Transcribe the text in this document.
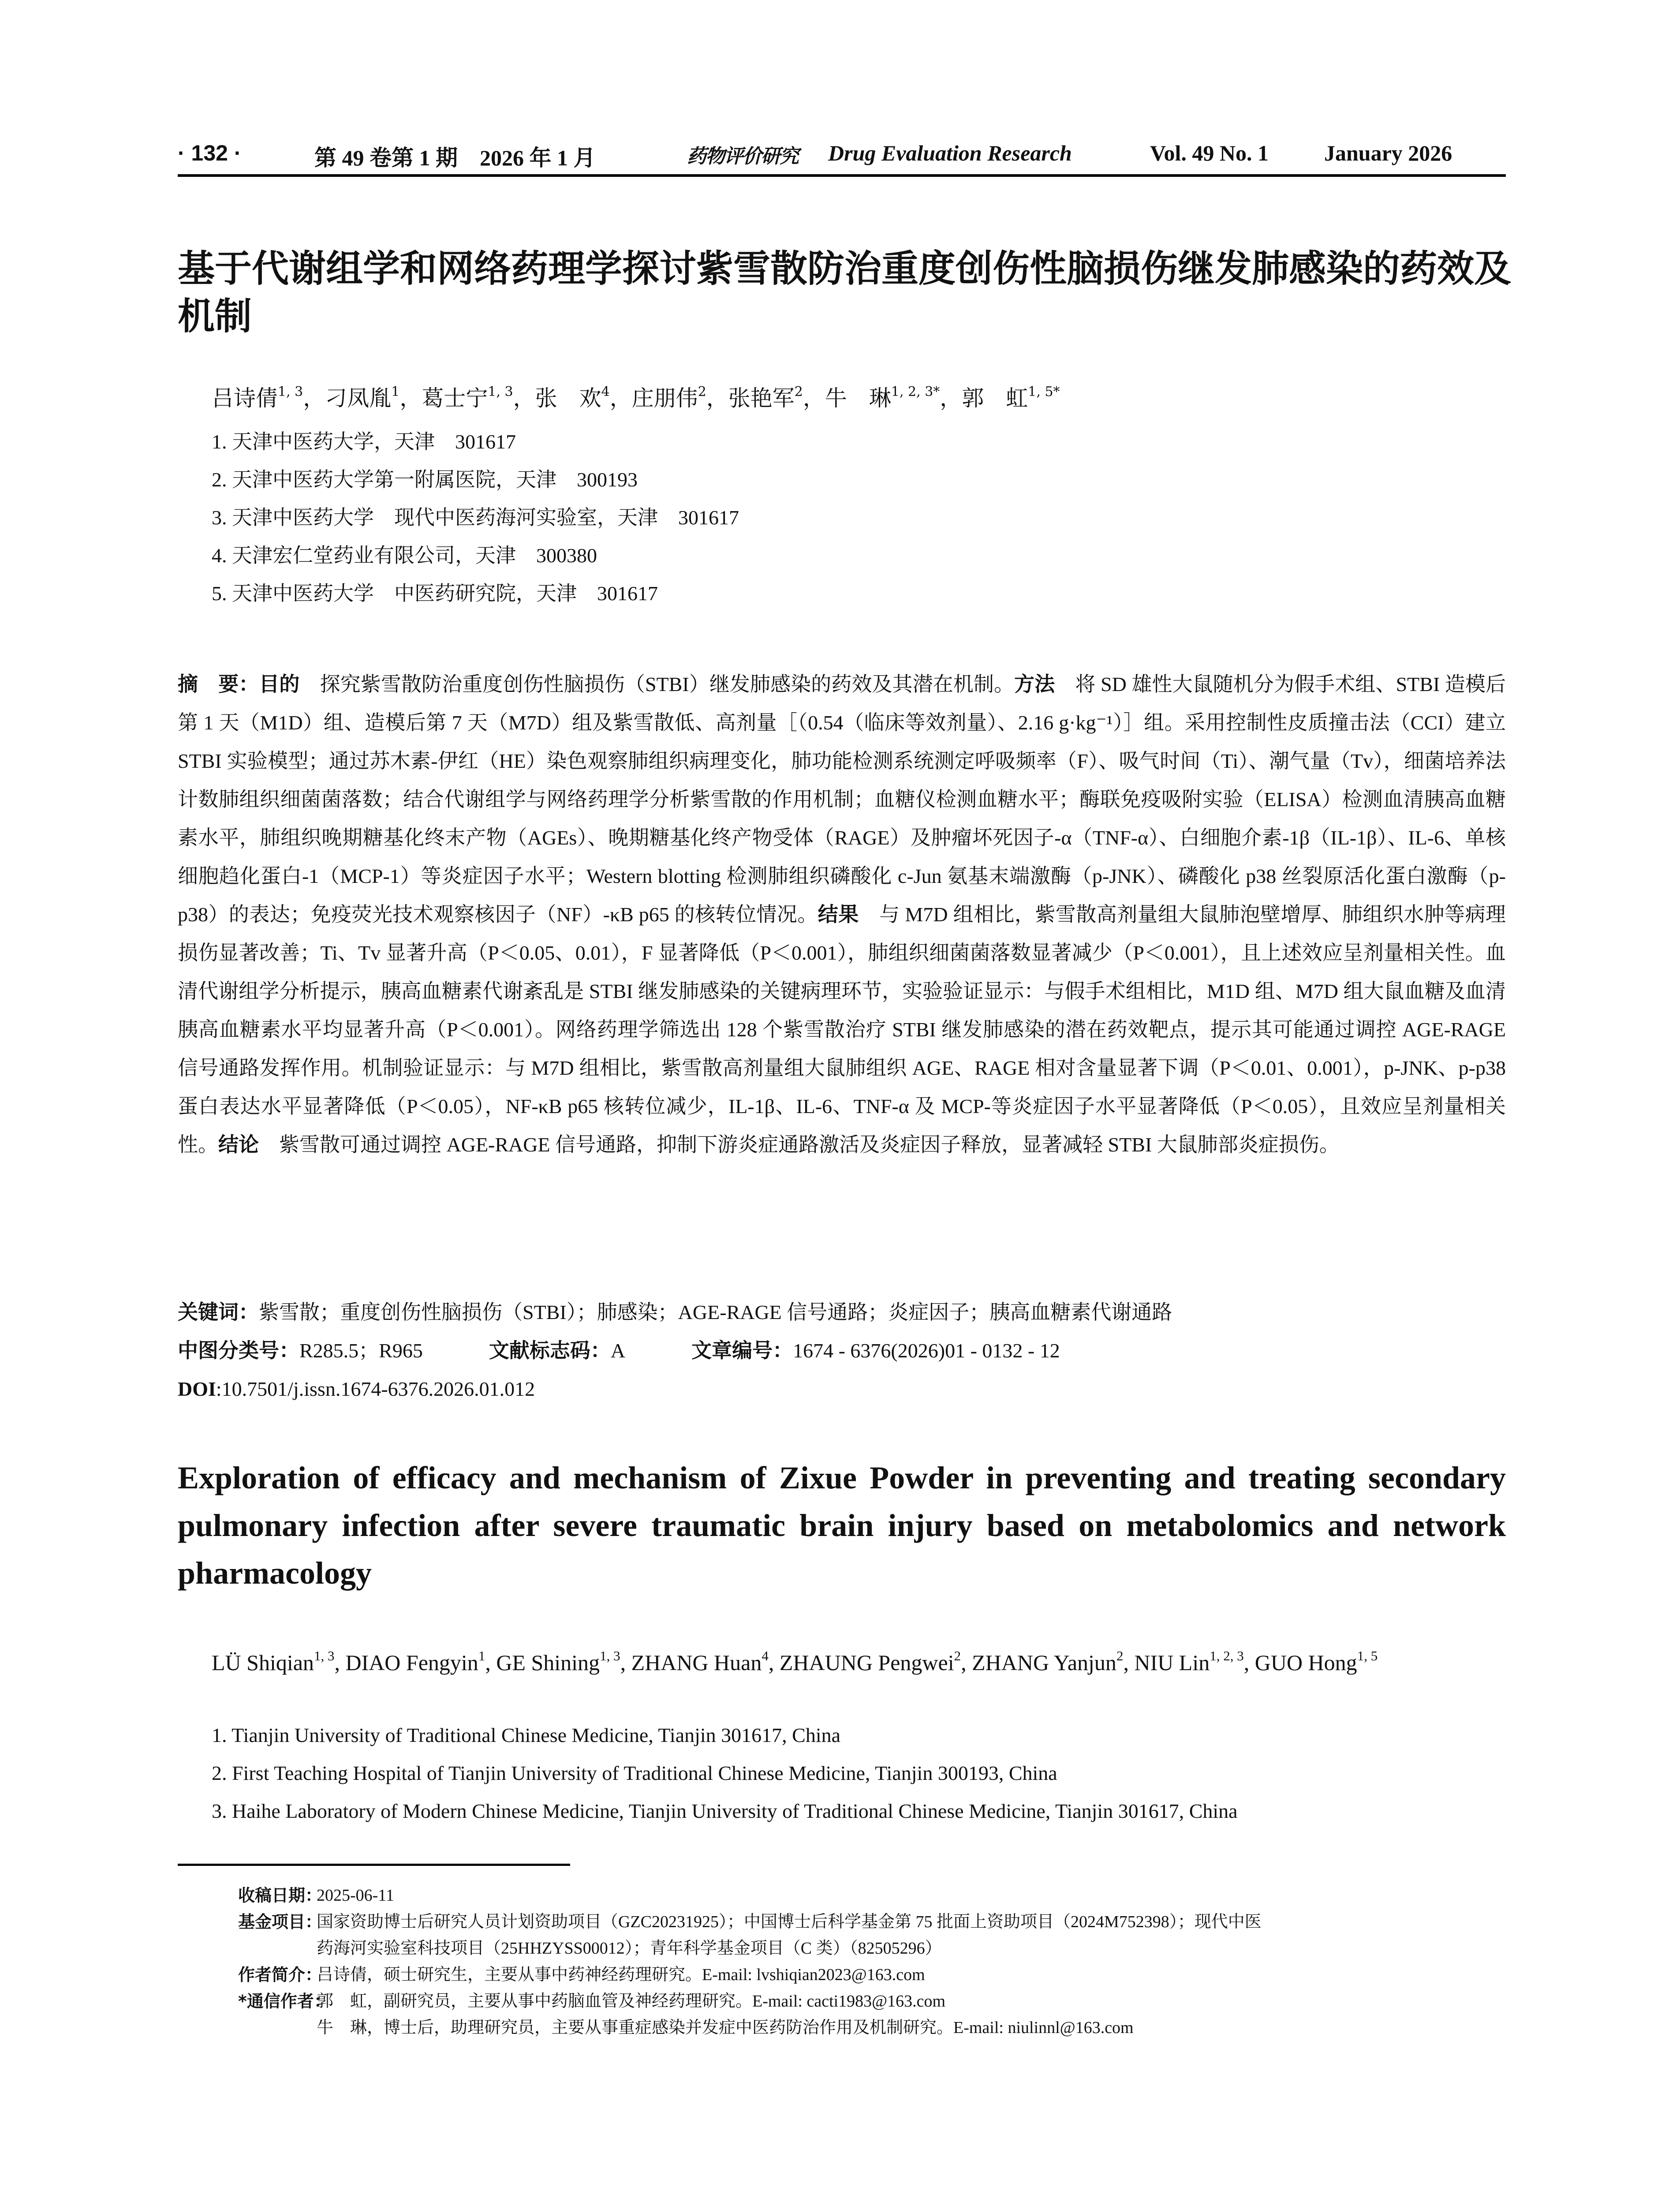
· 132 ·	第 49 卷第 1 期　2026 年 1 月	药物评价研究 Drug Evaluation Research	Vol. 49 No. 1	January 2026
基于代谢组学和网络药理学探讨紫雪散防治重度创伤性脑损伤继发肺感染的药效及机制
吕诗倩$^{1, 3}$，刁凤胤$^1$，葛士宁$^{1, 3}$，张　欢$^4$，庄朋伟$^2$，张艳军$^2$，牛　琳$^{1, 2, 3*}$，郭　虹$^{1, 5*}$
1. 天津中医药大学，天津　301617
2. 天津中医药大学第一附属医院，天津　300193
3. 天津中医药大学　现代中医药海河实验室，天津　301617
4. 天津宏仁堂药业有限公司，天津　300380
5. 天津中医药大学　中医药研究院，天津　301617
摘　要：目的　 探究紫雪散防治重度创伤性脑损伤（STBI）继发肺感染的药效及其潜在机制。方法　 将 SD 雄性大鼠随机分为假手术组、STBI 造模后第 1 天（M1D）组、造模后第 7 天（M7D）组及紫雪散低、高剂量［（0.54（临床等效剂量）、2.16 g·kg⁻¹）］组。采用控制性皮质撞击法（CCI）建立 STBI 实验模型；通过苏木素-伊红（HE）染色观察肺组织病理变化，肺功能检测系统测定呼吸频率（F）、吸气时间（Ti）、潮气量（Tv），细菌培养法计数肺组织细菌菌落数；结合代谢组学与网络药理学分析紫雪散的作用机制；血糖仪检测血糖水平；酶联免疫吸附实验（ELISA）检测血清胰高血糖素水平，肺组织晚期糖基化终末产物（AGEs）、晚期糖基化终产物受体（RAGE）及肿瘤坏死因子-α（TNF-α）、白细胞介素-1β（IL-1β）、IL-6、单核细胞趋化蛋白-1（MCP-1）等炎症因子水平；Western blotting 检测肺组织磷酸化 c-Jun 氨基末端激酶（p-JNK）、磷酸化 p38 丝裂原活化蛋白激酶（p-p38）的表达；免疫荧光技术观察核因子（NF）-κB p65 的核转位情况。结果　 与 M7D 组相比，紫雪散高剂量组大鼠肺泡壁增厚、肺组织水肿等病理损伤显著改善；Ti、Tv 显著升高（P＜0.05、0.01），F 显著降低（P＜0.001），肺组织细菌菌落数显著减少（P＜0.001），且上述效应呈剂量相关性。血清代谢组学分析提示，胰高血糖素代谢紊乱是 STBI 继发肺感染的关键病理环节，实验验证显示：与假手术组相比，M1D 组、M7D 组大鼠血糖及血清胰高血糖素水平均显著升高（P＜0.001）。网络药理学筛选出 128 个紫雪散治疗 STBI 继发肺感染的潜在药效靶点，提示其可能通过调控 AGE-RAGE 信号通路发挥作用。机制验证显示：与 M7D 组相比，紫雪散高剂量组大鼠肺组织 AGE、RAGE 相对含量显著下调（P＜0.01、0.001），p-JNK、p-p38 蛋白表达水平显著降低（P＜0.05），NF-κB p65 核转位减少，IL-1β、IL-6、TNF-α 及 MCP-等炎症因子水平显著降低（P＜0.05），且效应呈剂量相关性。结论　 紫雪散可通过调控 AGE-RAGE 信号通路，抑制下游炎症通路激活及炎症因子释放，显著减轻 STBI 大鼠肺部炎症损伤。
关键词：紫雪散；重度创伤性脑损伤（STBI）；肺感染；AGE-RAGE 信号通路；炎症因子；胰高血糖素代谢通路
中图分类号：R285.5；R965	文献标志码：A	文章编号：1674 - 6376(2026)01 - 0132 - 12
DOI:10.7501/j.issn.1674-6376.2026.01.012
Exploration of efficacy and mechanism of Zixue Powder in preventing and treating secondary pulmonary infection after severe traumatic brain injury based on metabolomics and network pharmacology
LÜ Shiqian$^{1, 3}$, DIAO Fengyin$^1$, GE Shining$^{1, 3}$, ZHANG Huan$^4$, ZHAUNG Pengwei$^2$, ZHANG Yanjun$^2$, NIU Lin$^{1, 2, 3}$, GUO Hong$^{1, 5}$
1. Tianjin University of Traditional Chinese Medicine, Tianjin 301617, China
2. First Teaching Hospital of Tianjin University of Traditional Chinese Medicine, Tianjin 300193, China
3. Haihe Laboratory of Modern Chinese Medicine, Tianjin University of Traditional Chinese Medicine, Tianjin 301617, China
收稿日期：
2025-06-11
基金项目：
国家资助博士后研究人员计划资助项目（GZC20231925）；中国博士后科学基金第 75 批面上资助项目（2024M752398）；现代中医
药海河实验室科技项目（25HHZYSS00012）；青年科学基金项目（C 类）（82505296）
作者简介：
吕诗倩，硕士研究生，主要从事中药神经药理研究。E-mail: lvshiqian2023@163.com
*通信作者：
郭　虹，副研究员，主要从事中药脑血管及神经药理研究。E-mail: cacti1983@163.com
牛　琳，博士后，助理研究员，主要从事重症感染并发症中医药防治作用及机制研究。E-mail: niulinnl@163.com
